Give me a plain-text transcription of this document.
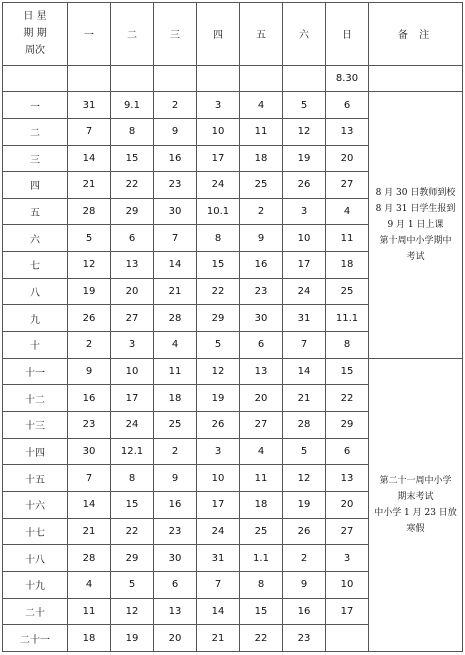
日 星
期 期
周次	一	二	三	四	五	六	日	备 注
							8.30	
一	31	9.1	2	3	4	5	6	8 月 30 日教师到校
8 月 31 日学生报到
9 月 1 日上课
第十周中小学期中
考试

二	7	8	9	10	11	12	13	
三	14	15	16	17	18	19	20	
四	21	22	23	24	25	26	27	
五	28	29	30	10.1	2	3	4	
六	5	6	7	8	9	10	11	
七	12	13	14	15	16	17	18	
八	19	20	21	22	23	24	25	
九	26	27	28	29	30	31	11.1	
十	2	3	4	5	6	7	8	
十一	9	10	11	12	13	14	15	第二十一周中小学
期末考试
中小学 1 月 23 日放
寒假

十二	16	17	18	19	20	21	22	
十三	23	24	25	26	27	28	29	
十四	30	12.1	2	3	4	5	6	
十五	7	8	9	10	11	12	13	
十六	14	15	16	17	18	19	20	
十七	21	22	23	24	25	26	27	
十八	28	29	30	31	1.1	2	3	
十九	4	5	6	7	8	9	10	
二十	11	12	13	14	15	16	17	
二十一	18	19	20	21	22	23		
